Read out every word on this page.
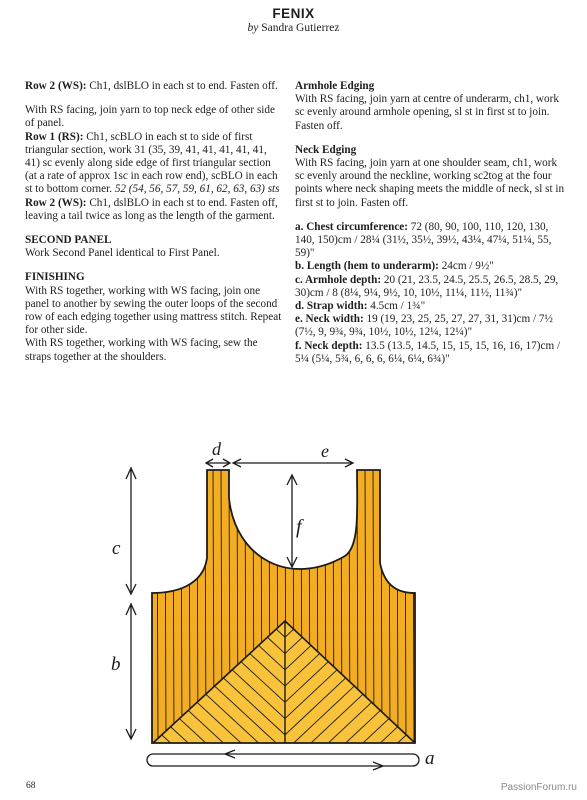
FENIX
by Sandra Gutierrez

Row 2 (WS): Ch1, dslBLO in each st to end. Fasten off.

With RS facing, join yarn to top neck edge of other side of panel.

Row 1 (RS): Ch1, scBLO in each st to side of first triangular section, work 31 (35, 39, 41, 41, 41, 41, 41, 41) sc evenly along side edge of first triangular section (at a rate of approx 1sc in each row end), scBLO in each st to bottom corner. 52 (54, 56, 57, 59, 61, 62, 63, 63) sts

Row 2 (WS): Ch1, dslBLO in each st to end. Fasten off, leaving a tail twice as long as the length of the garment.

SECOND PANEL

Work Second Panel identical to First Panel.

FINISHING

With RS together, working with WS facing, join one panel to another by sewing the outer loops of the second row of each edging together using mattress stitch. Repeat for other side.

With RS together, working with WS facing, sew the straps together at the shoulders.

Armhole Edging

With RS facing, join yarn at centre of underarm, ch1, work sc evenly around armhole opening, sl st in first st to join. Fasten off.

Neck Edging

With RS facing, join yarn at one shoulder seam, ch1, work sc evenly around the neckline, working sc2tog at the four points where neck shaping meets the middle of neck, sl st in first st to join. Fasten off.

a. Chest circumference: 72 (80, 90, 100, 110, 120, 130, 140, 150)cm / 28¼ (31½, 35½, 39½, 43¼, 47¼, 51¼, 55, 59)"
b. Length (hem to underarm): 24cm / 9½"
c. Armhole depth: 20 (21, 23.5, 24.5, 25.5, 26.5, 28.5, 29, 30)cm / 8 (8¼, 9¼, 9½, 10, 10½, 11¼, 11½, 11¾)"
d. Strap width: 4.5cm / 1¾"
e. Neck width: 19 (19, 23, 25, 25, 27, 27, 31, 31)cm / 7½ (7½, 9, 9¾, 9¾, 10½, 10½, 12¼, 12¼)"
f. Neck depth: 13.5 (13.5, 14.5, 15, 15, 15, 16, 16, 17)cm / 5¼ (5¼, 5¾, 6, 6, 6, 6¼, 6¼, 6¾)"
c
b
d	e
f
a
68	PassionForum.ru
